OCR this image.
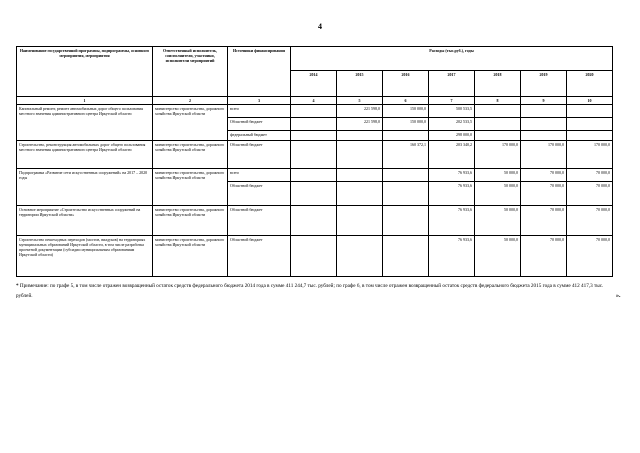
4
Наименование государственной программы, подпрограммы, основного мероприятия, мероприятия	Ответственный исполнитель, соисполнители, участники, исполнители мероприятий	Источники финансирования	Расходы (тыс.руб.), годы						
			2014	2015	2016	2017	2018	2019	2020
1	2	3	4	5	6	7	8	9	10
Капитальный ремонт, ремонт автомобильных дорог общего пользования местного значения административного центра Иркутской области	министерство строительства, дорожного хозяйства Иркутской области	всего		221 598,0	150 000,0	500 533,5			
		Областной бюджет		221 598,0	150 000,0	202 533,5			
		федеральный бюджет				298 000,0			
Строительство, реконструкция автомобильных дорог общего пользования местного значения административного центра Иркутской области	министерство строительства, дорожного хозяйства Иркутской области	Областной бюджет			160 372,1	203 340,2	170 000,0	170 000,0	170 000,0
Подпрограмма «Развитие сети искусственных сооружений» на 2017 – 2020 годы	министерство строительства, дорожного хозяйства Иркутской области	всего				76 933,6	50 000,0	70 000,0	70 000,0
		Областной бюджет				76 933,6	50 000,0	70 000,0	70 000,0
Основное мероприятие «Строительство искусственных сооружений на территории Иркутской области»	министерство строительства, дорожного хозяйства Иркутской области	Областной бюджет				76 933,6	50 000,0	70 000,0	70 000,0
Строительство пешеходных переходов (мостов, виадуков) на территориях муниципальных образований Иркутской области, в том числе разработка проектной документации (субсидии муниципальным образованиям Иркутской области)	министерство строительства, дорожного хозяйства Иркутской области	Областной бюджет				76 933,6	50 000,0	70 000,0	70 000,0
* Примечание: по графе 5, в том числе отражен возвращенный остаток средств федерального бюджета 2014 года в сумме 411 244,7 тыс. рублей; по графе 6, в том числе отражен возвращенный остаток средств федерального бюджета 2015 года в сумме 412 417,3 тыс. рублей.	».
